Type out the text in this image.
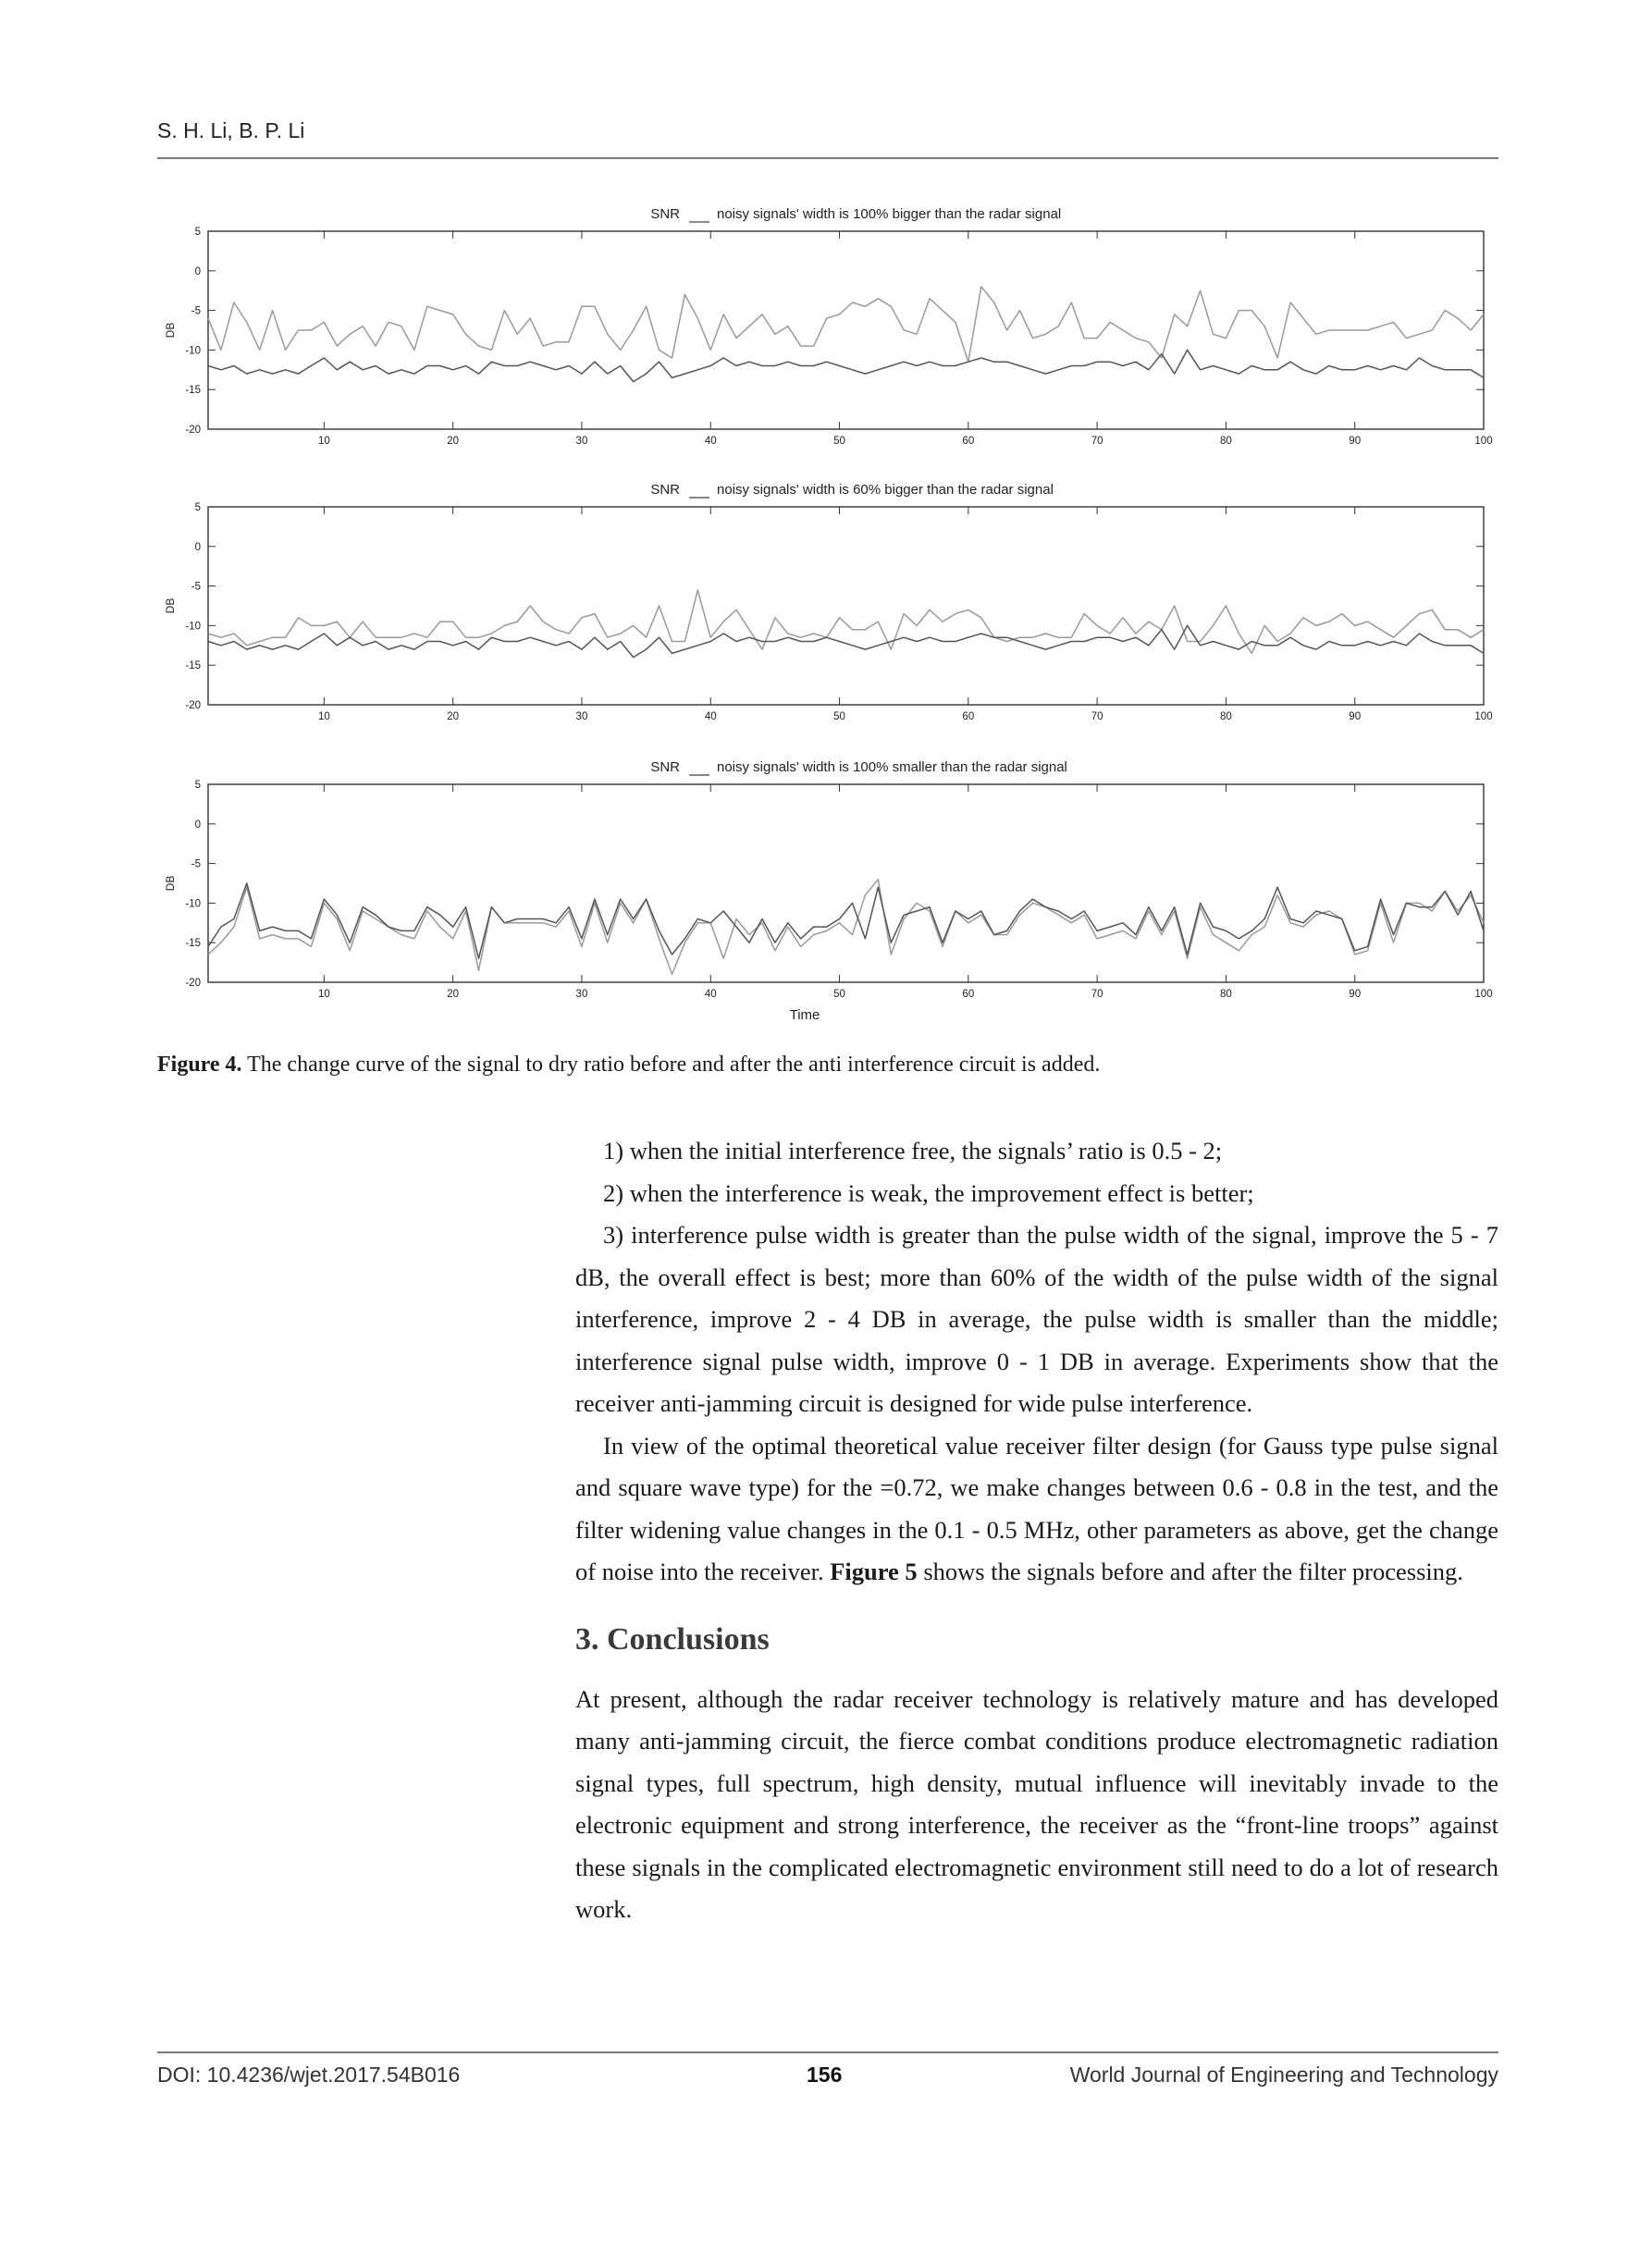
S. H. Li, B. P. Li
SNR	noisy signals' width is 100% bigger than the radar signal
DB
5
0
-5
-10
-15
-20
10	20	30	40	50	60	70	80	90	100
SNR	noisy signals' width is 60% bigger than the radar signal
DB
5
0
-5
-10
-15
-20
10	20	30	40	50	60	70	80	90	100
SNR	noisy signals' width is 100% smaller than the radar signal
DB
5
0
-5
-10
-15
-20
10	20	30	40	50	60	70	80	90	100
Time
Figure 4. The change curve of the signal to dry ratio before and after the anti interference circuit is added.

1) when the initial interference free, the signals’ ratio is 0.5 - 2;

2) when the interference is weak, the improvement effect is better;

3) interference pulse width is greater than the pulse width of the signal, improve the 5 - 7 dB, the overall effect is best; more than 60% of the width of the pulse width of the signal interference, improve 2 - 4 DB in average, the pulse width is smaller than the middle; interference signal pulse width, improve 0 - 1 DB in average. Experiments show that the receiver anti-jamming circuit is designed for wide pulse interference.

In view of the optimal theoretical value receiver filter design (for Gauss type pulse signal and square wave type) for the =0.72, we make changes between 0.6 - 0.8 in the test, and the filter widening value changes in the 0.1 - 0.5 MHz, other parameters as above, get the change of noise into the receiver. Figure 5 shows the signals before and after the filter processing.

3. Conclusions

At present, although the radar receiver technology is relatively mature and has developed many anti-jamming circuit, the fierce combat conditions produce electromagnetic radiation signal types, full spectrum, high density, mutual influence will inevitably invade to the electronic equipment and strong interference, the receiver as the “front-line troops” against these signals in the complicated electromagnetic environment still need to do a lot of research work.

DOI: 10.4236/wjet.2017.54B016	156	World Journal of Engineering and Technology
